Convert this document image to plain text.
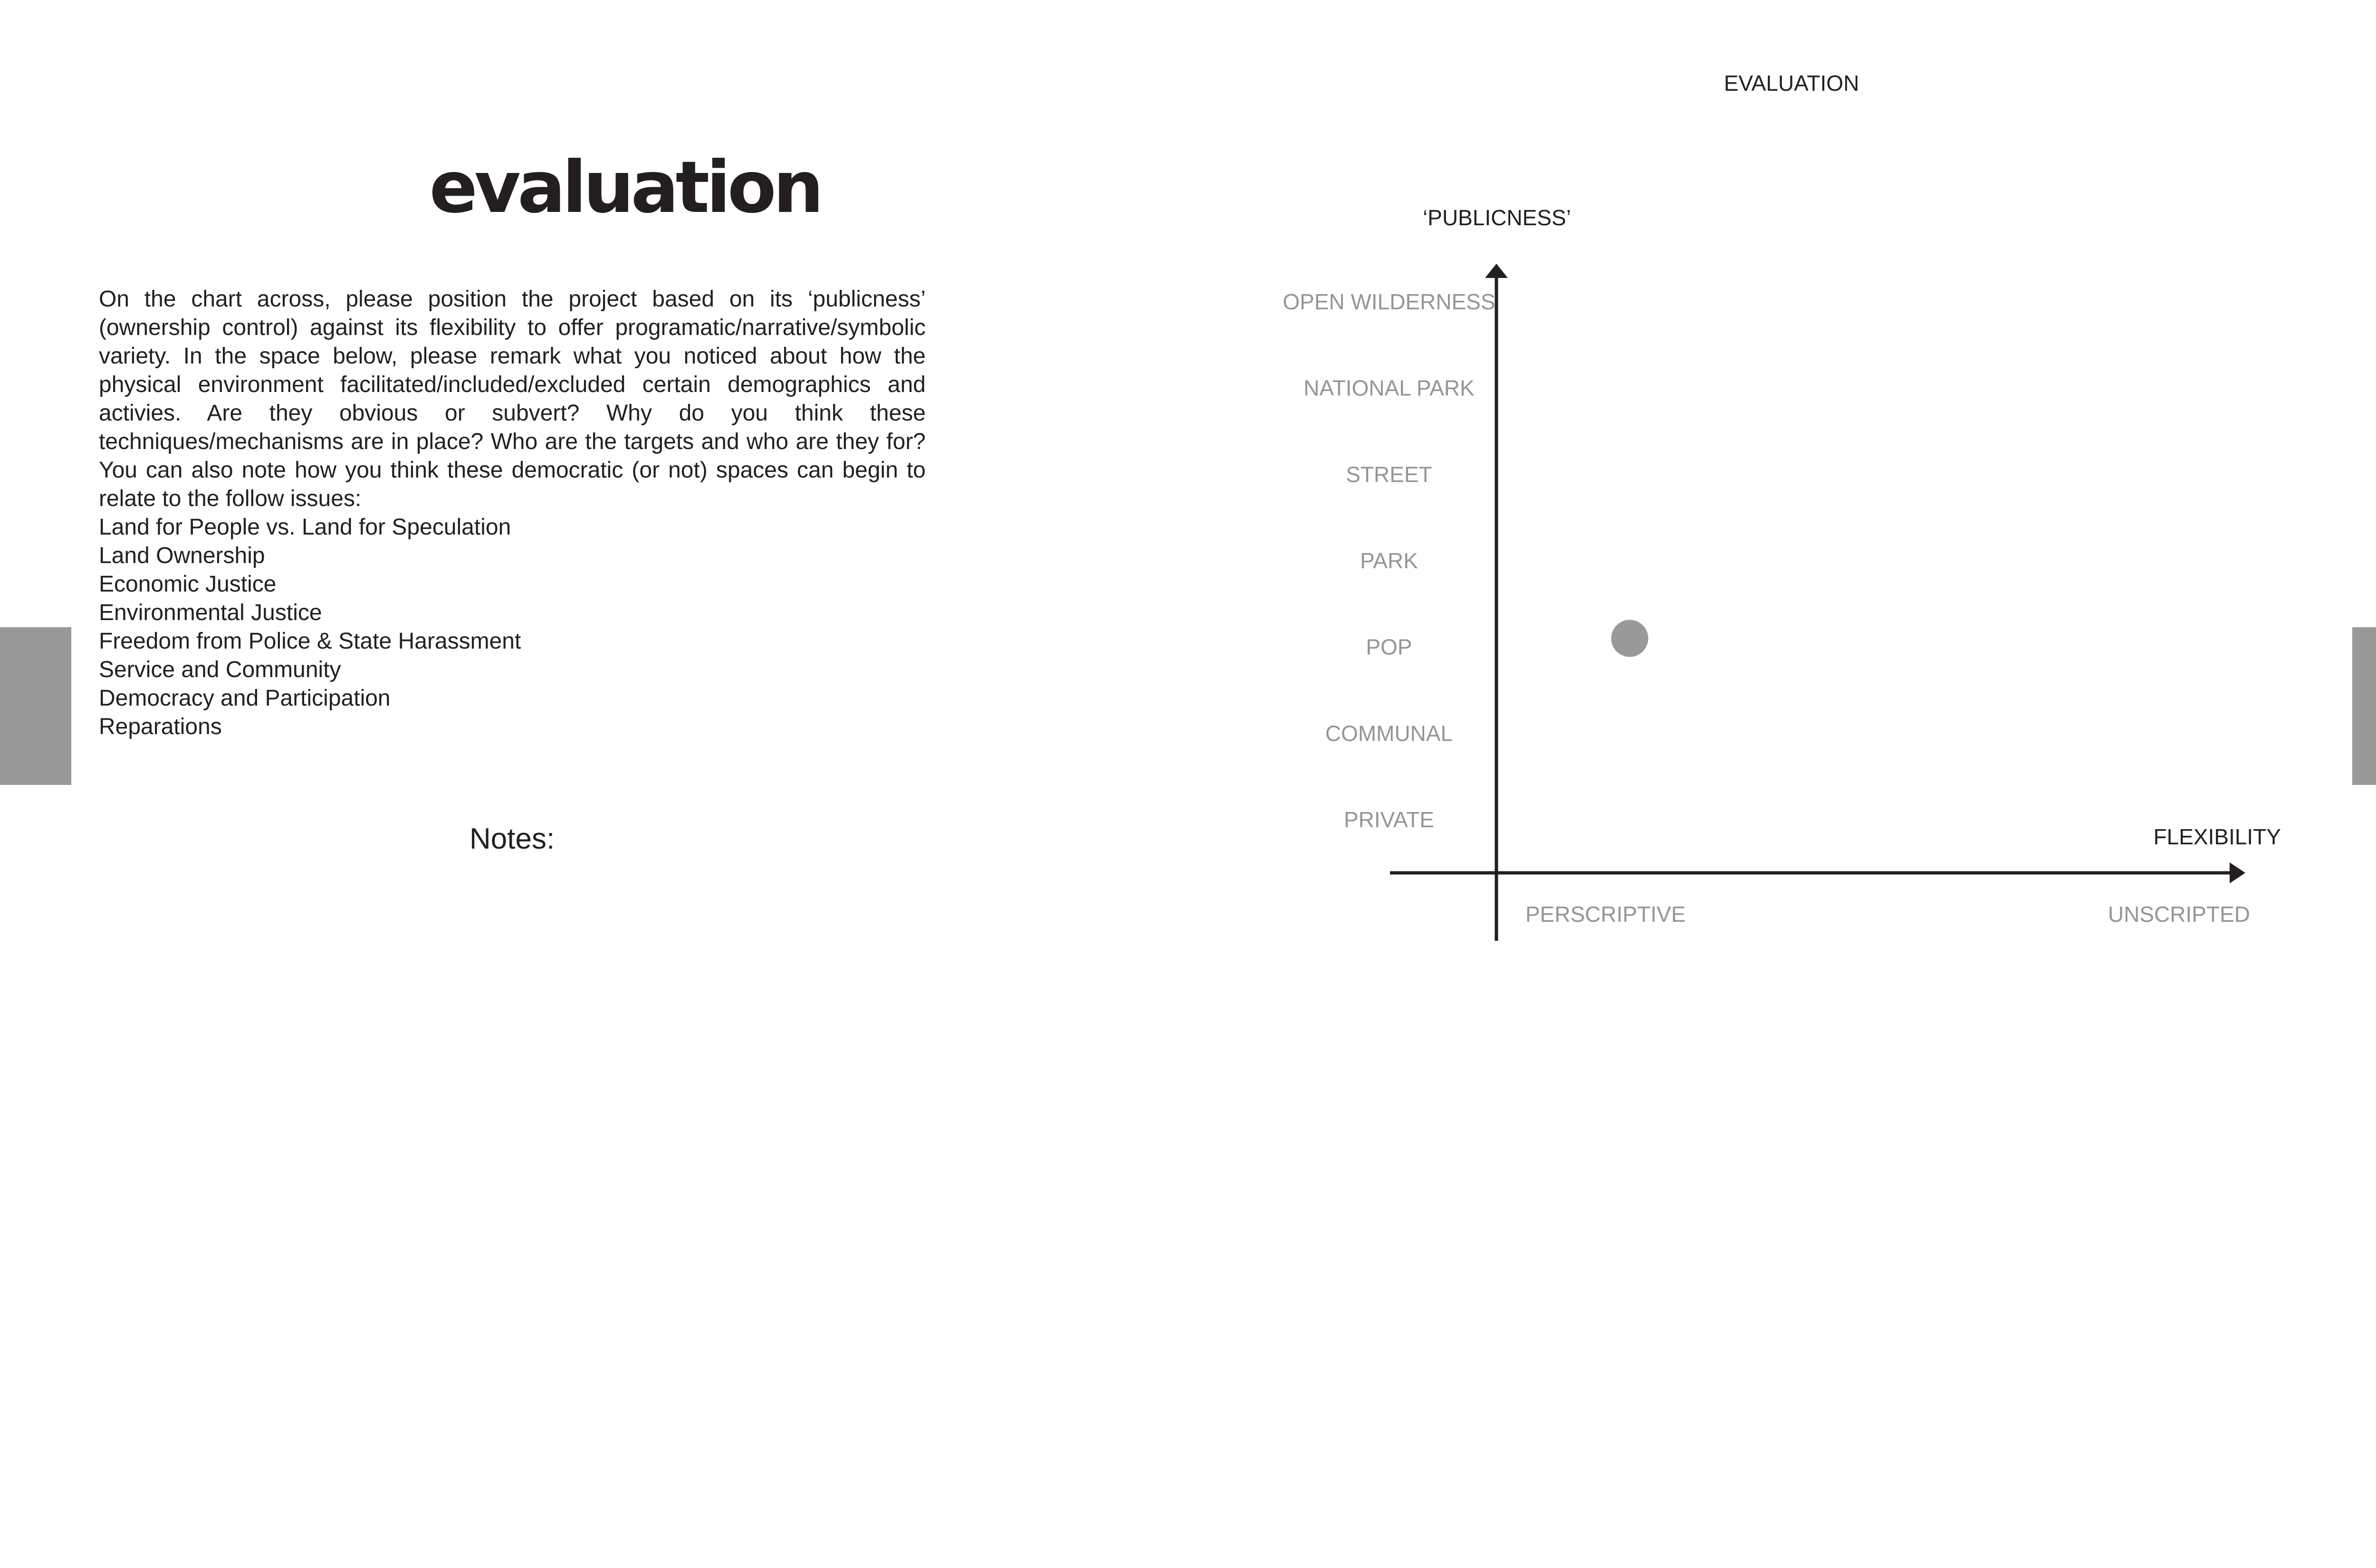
EVALUATION
evaluation

On the chart across, please position the project based on its ‘publicness’ (ownership control) against its flexibility to offer programatic/narrative/symbolic variety. In the space below, please remark what you noticed about how the physical environment facilitated/included/excluded certain demographics and activies. Are they obvious or subvert? Why do you think these techniques/mechanisms are in place? Who are the targets and who are they for? You can also note how you think these democratic (or not) spaces can begin to relate to the follow issues:

Land for People vs. Land for Speculation
Land Ownership
Economic Justice
Environmental Justice
Freedom from Police & State Harassment
Service and Community
Democracy and Participation
Reparations
Notes:
‘PUBLICNESS’
FLEXIBILITY
PRIVATE
COMMUNAL
POP
PARK
STREET
NATIONAL PARK
OPEN WILDERNESS
PERSCRIPTIVE	UNSCRIPTED
